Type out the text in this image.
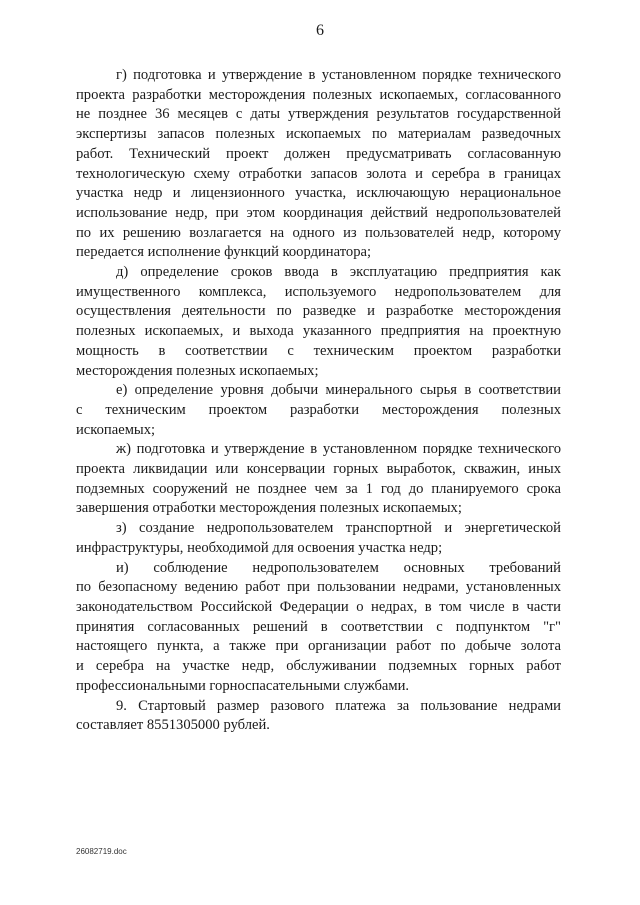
6
г) подготовка и утверждение в установленном порядке технического
проекта разработки месторождения полезных ископаемых, согласованного
не позднее 36 месяцев с даты утверждения результатов государственной
экспертизы запасов полезных ископаемых по материалам разведочных
работ. Технический проект должен предусматривать согласованную
технологическую схему отработки запасов золота и серебра в границах
участка недр и лицензионного участка, исключающую нерациональное
использование недр, при этом координация действий недропользователей
по их решению возлагается на одного из пользователей недр, которому
передается исполнение функций координатора;
д) определение сроков ввода в эксплуатацию предприятия как
имущественного комплекса, используемого недропользователем для
осуществления деятельности по разведке и разработке месторождения
полезных ископаемых, и выхода указанного предприятия на проектную
мощность в соответствии с техническим проектом разработки
месторождения полезных ископаемых;
е) определение уровня добычи минерального сырья в соответствии
с техническим проектом разработки месторождения полезных
ископаемых;
ж) подготовка и утверждение в установленном порядке технического
проекта ликвидации или консервации горных выработок, скважин, иных
подземных сооружений не позднее чем за 1 год до планируемого срока
завершения отработки месторождения полезных ископаемых;
з) создание недропользователем транспортной и энергетической
инфраструктуры, необходимой для освоения участка недр;
и) соблюдение недропользователем основных требований
по безопасному ведению работ при пользовании недрами, установленных
законодательством Российской Федерации о недрах, в том числе в части
принятия согласованных решений в соответствии с подпунктом "г"
настоящего пункта, а также при организации работ по добыче золота
и серебра на участке недр, обслуживании подземных горных работ
профессиональными горноспасательными службами.
9. Стартовый размер разового платежа за пользование недрами
составляет 8551305000 рублей.
26082719.doc
